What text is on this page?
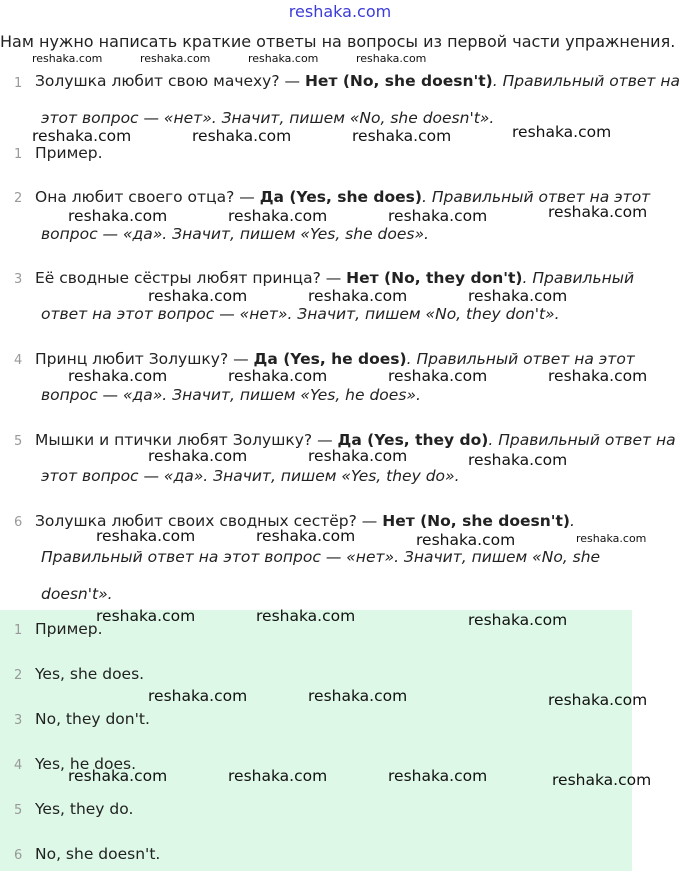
reshaka.com
Нам нужно написать краткие ответы на вопросы из первой части упражнения.
1 Золушка любит свою мачеху? — Нет (No, she doesn't). Правильный ответ на
этот вопрос — «нет». Значит, пишем «No, she doesn't».
1 Пример.
2 Она любит своего отца? — Да (Yes, she does). Правильный ответ на этот
вопрос — «да». Значит, пишем «Yes, she does».
3 Её сводные сёстры любят принца? — Нет (No, they don't). Правильный
ответ на этот вопрос — «нет». Значит, пишем «No, they don't».
4 Принц любит Золушку? — Да (Yes, he does). Правильный ответ на этот
вопрос — «да». Значит, пишем «Yes, he does».
5 Мышки и птички любят Золушку? — Да (Yes, they do). Правильный ответ на
этот вопрос — «да». Значит, пишем «Yes, they do».
6 Золушка любит своих сводных сестёр? — Нет (No, she doesn't).
Правильный ответ на этот вопрос — «нет». Значит, пишем «No, she
doesn't».
1 Пример.
2 Yes, she does.
3 No, they don't.
4 Yes, he does.
5 Yes, they do.
6 No, she doesn't.
reshaka.com	reshaka.com	reshaka.com	reshaka.com
reshaka.com	reshaka.com	reshaka.com	reshaka.com
reshaka.com	reshaka.com	reshaka.com	reshaka.com
reshaka.com	reshaka.com	reshaka.com
reshaka.com	reshaka.com	reshaka.com	reshaka.com
reshaka.com	reshaka.com	reshaka.com
reshaka.com	reshaka.com	reshaka.com	reshaka.com
reshaka.com	reshaka.com	reshaka.com
reshaka.com	reshaka.com	reshaka.com
reshaka.com	reshaka.com	reshaka.com	reshaka.com
